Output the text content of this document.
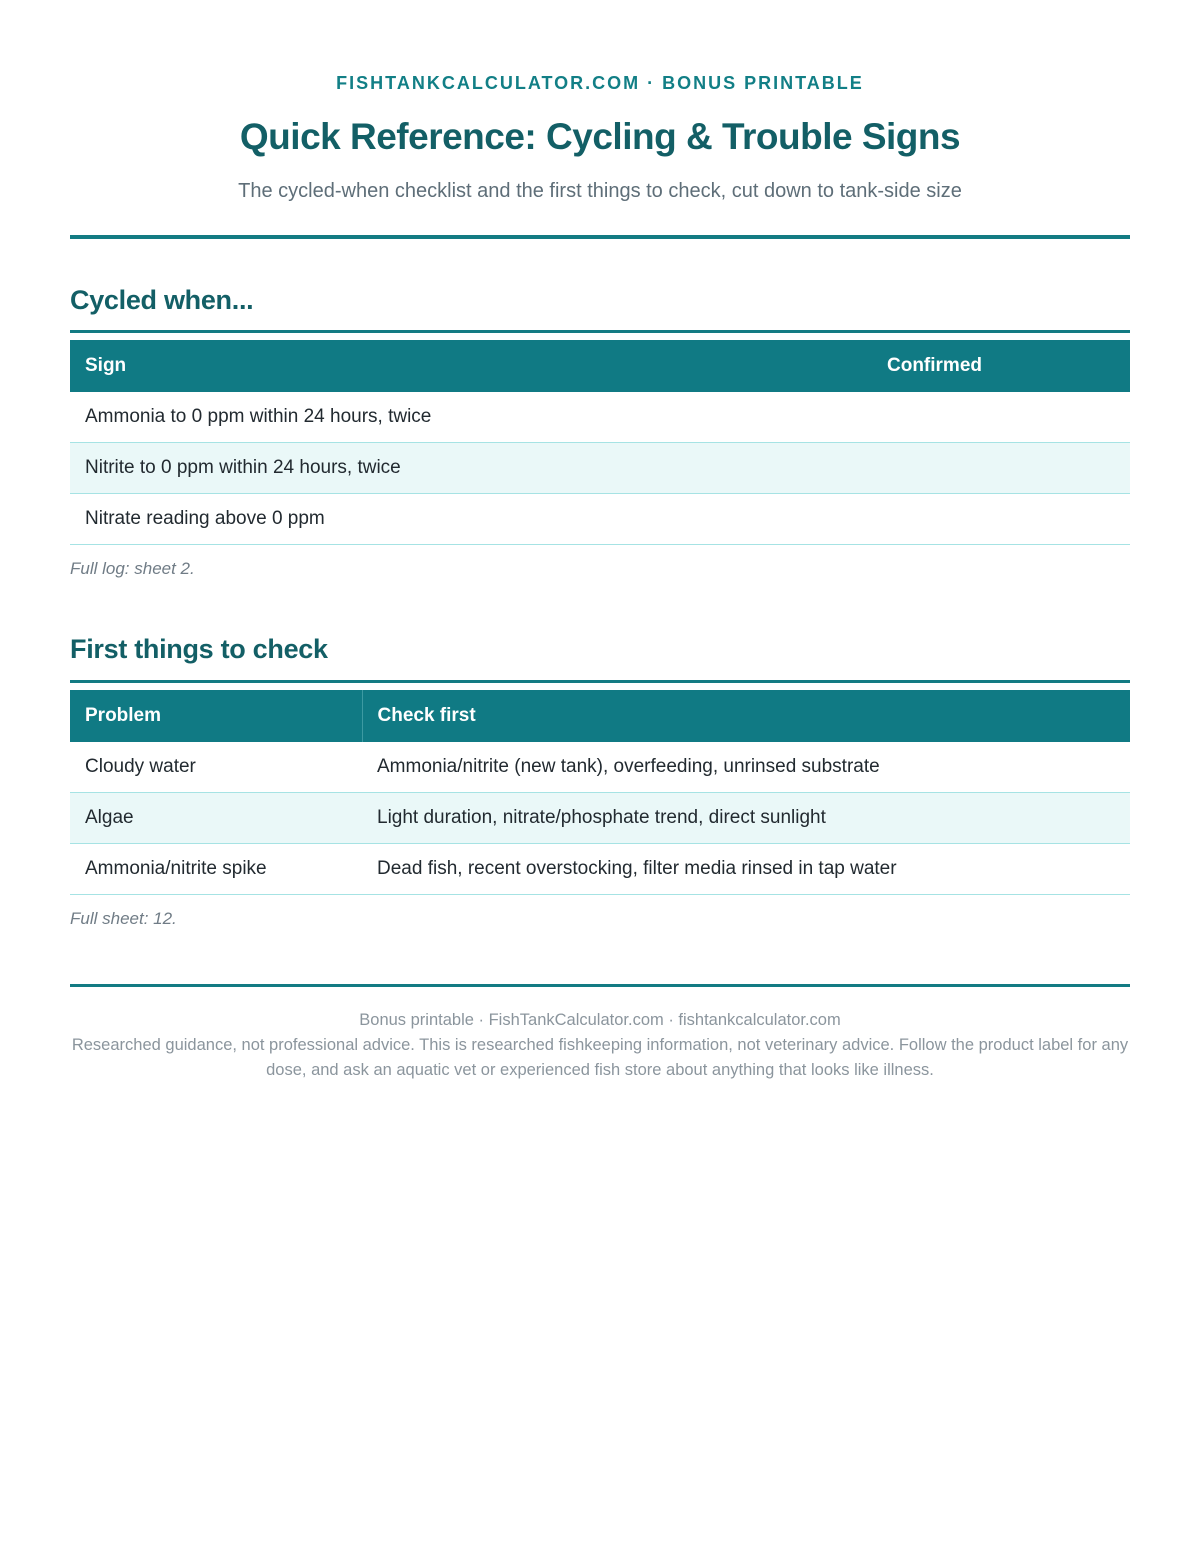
FISHTANKCALCULATOR.COM · BONUS PRINTABLE
Quick Reference: Cycling & Trouble Signs
The cycled-when checklist and the first things to check, cut down to tank-side size
Cycled when...
Sign	Confirmed
Ammonia to 0 ppm within 24 hours, twice	
Nitrite to 0 ppm within 24 hours, twice	
Nitrate reading above 0 ppm	
Full log: sheet 2.
First things to check
Problem	Check first
Cloudy water	Ammonia/nitrite (new tank), overfeeding, unrinsed substrate
Algae	Light duration, nitrate/phosphate trend, direct sunlight
Ammonia/nitrite spike	Dead fish, recent overstocking, filter media rinsed in tap water
Full sheet: 12.
Bonus printable · FishTankCalculator.com · fishtankcalculator.com
Researched guidance, not professional advice. This is researched fishkeeping information, not veterinary advice. Follow the product label for any dose, and ask an aquatic vet or experienced fish store about anything that looks like illness.
